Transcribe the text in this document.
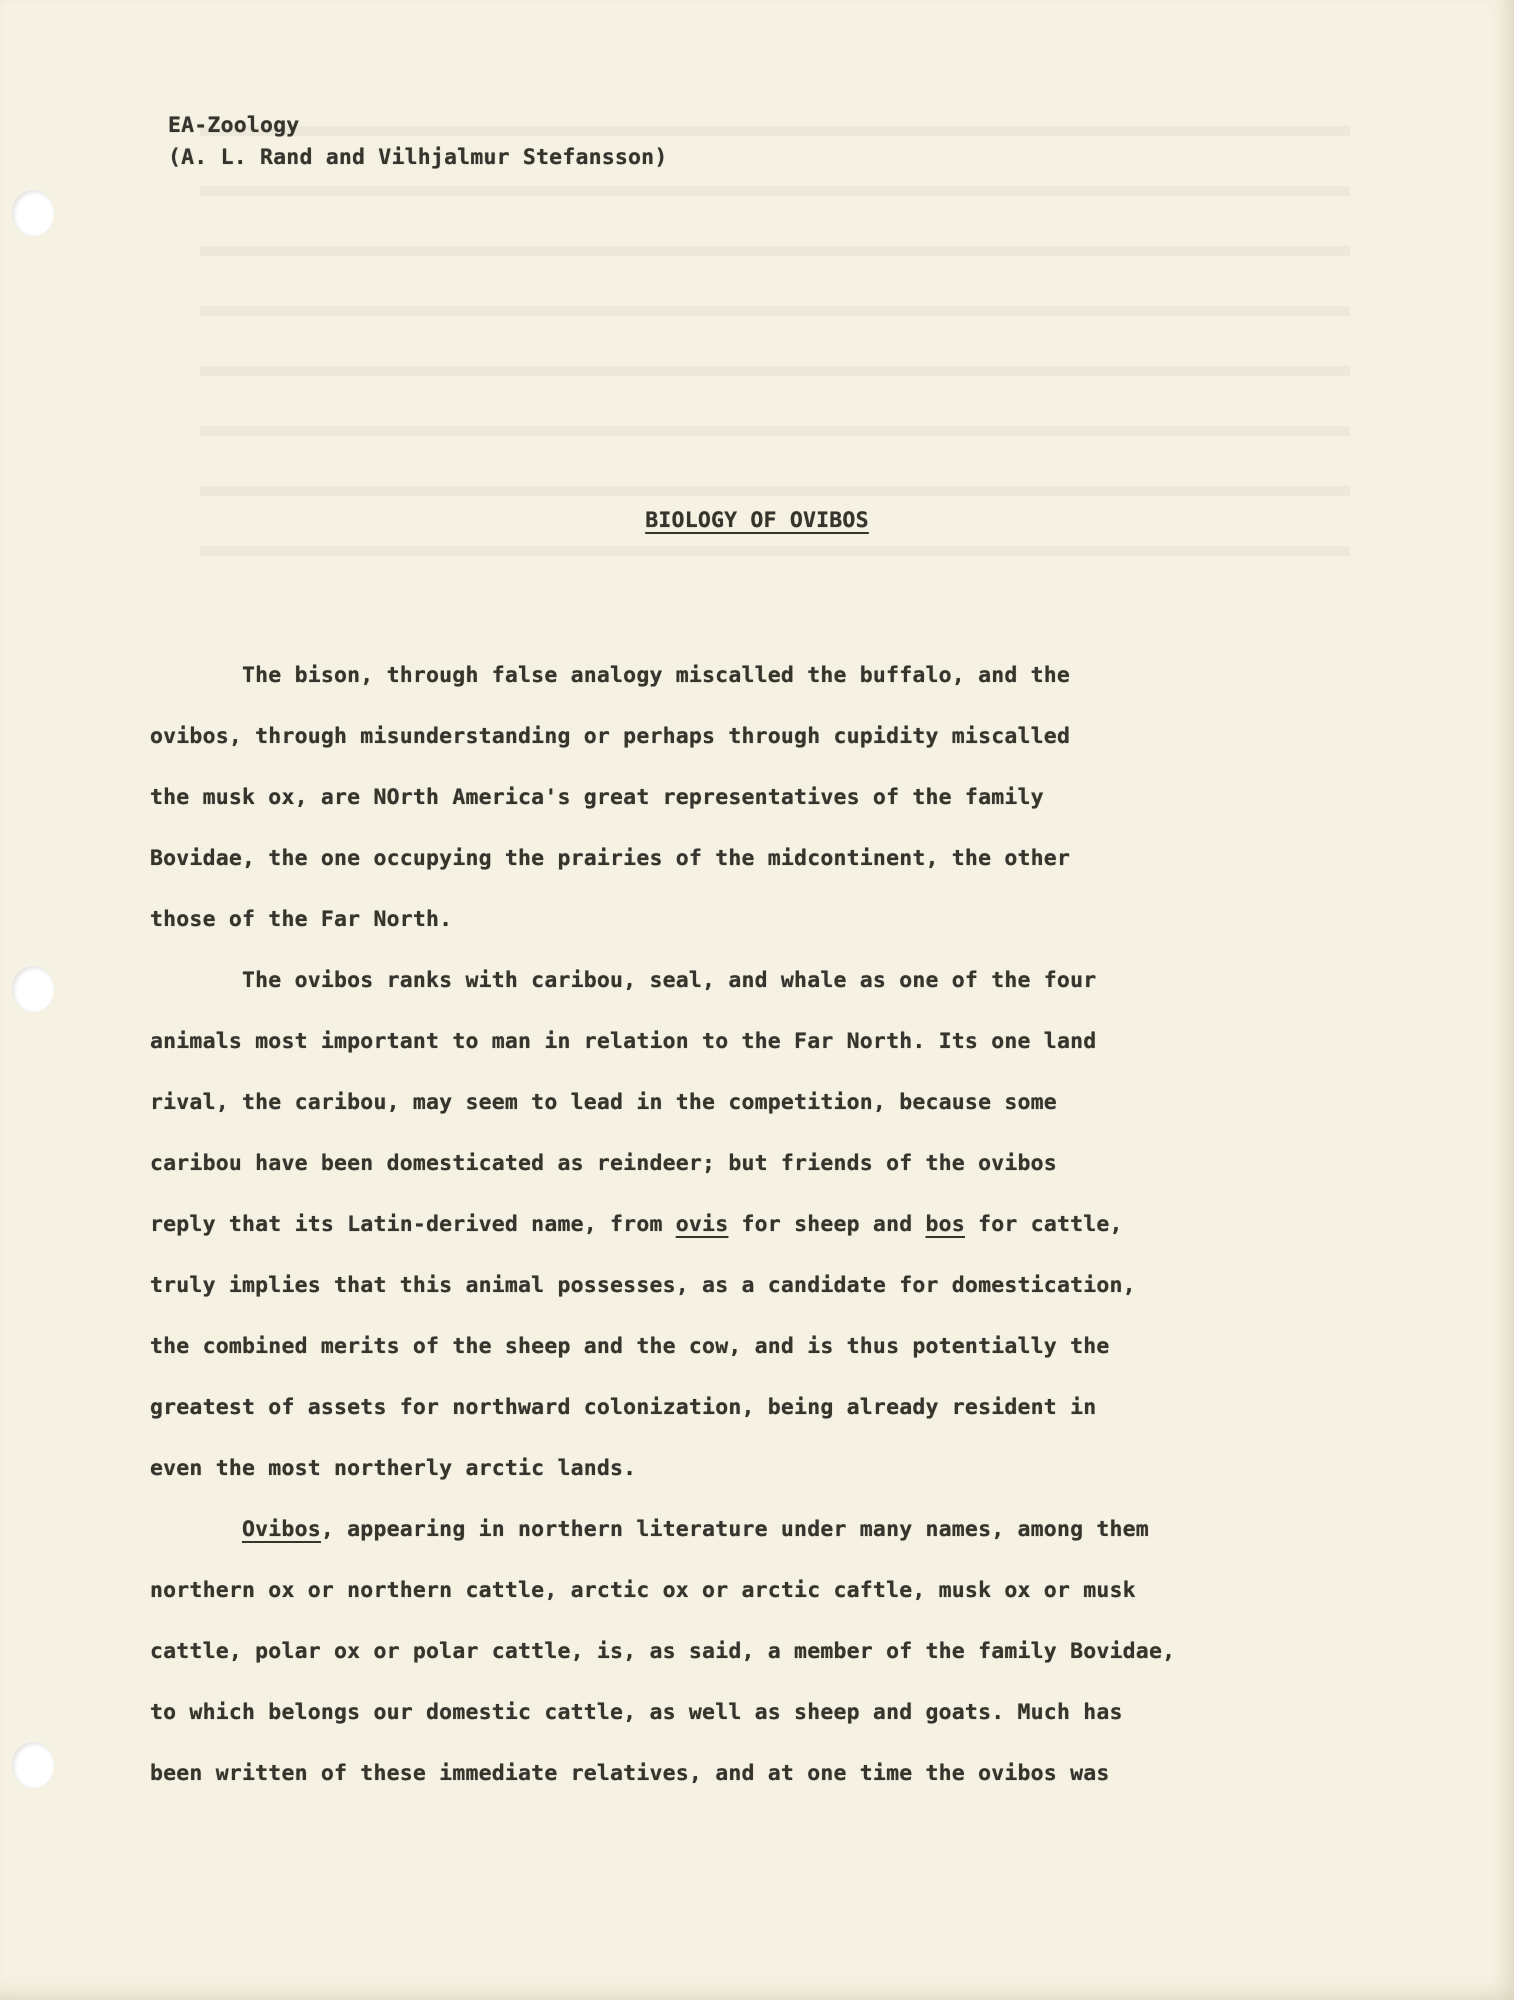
EA-Zoology
(A. L. Rand and Vilhjalmur Stefansson)
BIOLOGY OF OVIBOS
The bison, through false analogy miscalled the buffalo, and the
ovibos, through misunderstanding or perhaps through cupidity miscalled
the musk ox, are NOrth America's great representatives of the family
Bovidae, the one occupying the prairies of the midcontinent, the other
those of the Far North.
The ovibos ranks with caribou, seal, and whale as one of the four
animals most important to man in relation to the Far North. Its one land
rival, the caribou, may seem to lead in the competition, because some
caribou have been domesticated as reindeer; but friends of the ovibos
reply that its Latin-derived name, from ovis for sheep and bos for cattle,
truly implies that this animal possesses, as a candidate for domestication,
the combined merits of the sheep and the cow, and is thus potentially the
greatest of assets for northward colonization, being already resident in
even the most northerly arctic lands.
Ovibos, appearing in northern literature under many names, among them
northern ox or northern cattle, arctic ox or arctic caftle, musk ox or musk
cattle, polar ox or polar cattle, is, as said, a member of the family Bovidae,
to which belongs our domestic cattle, as well as sheep and goats. Much has
been written of these immediate relatives, and at one time the ovibos was
